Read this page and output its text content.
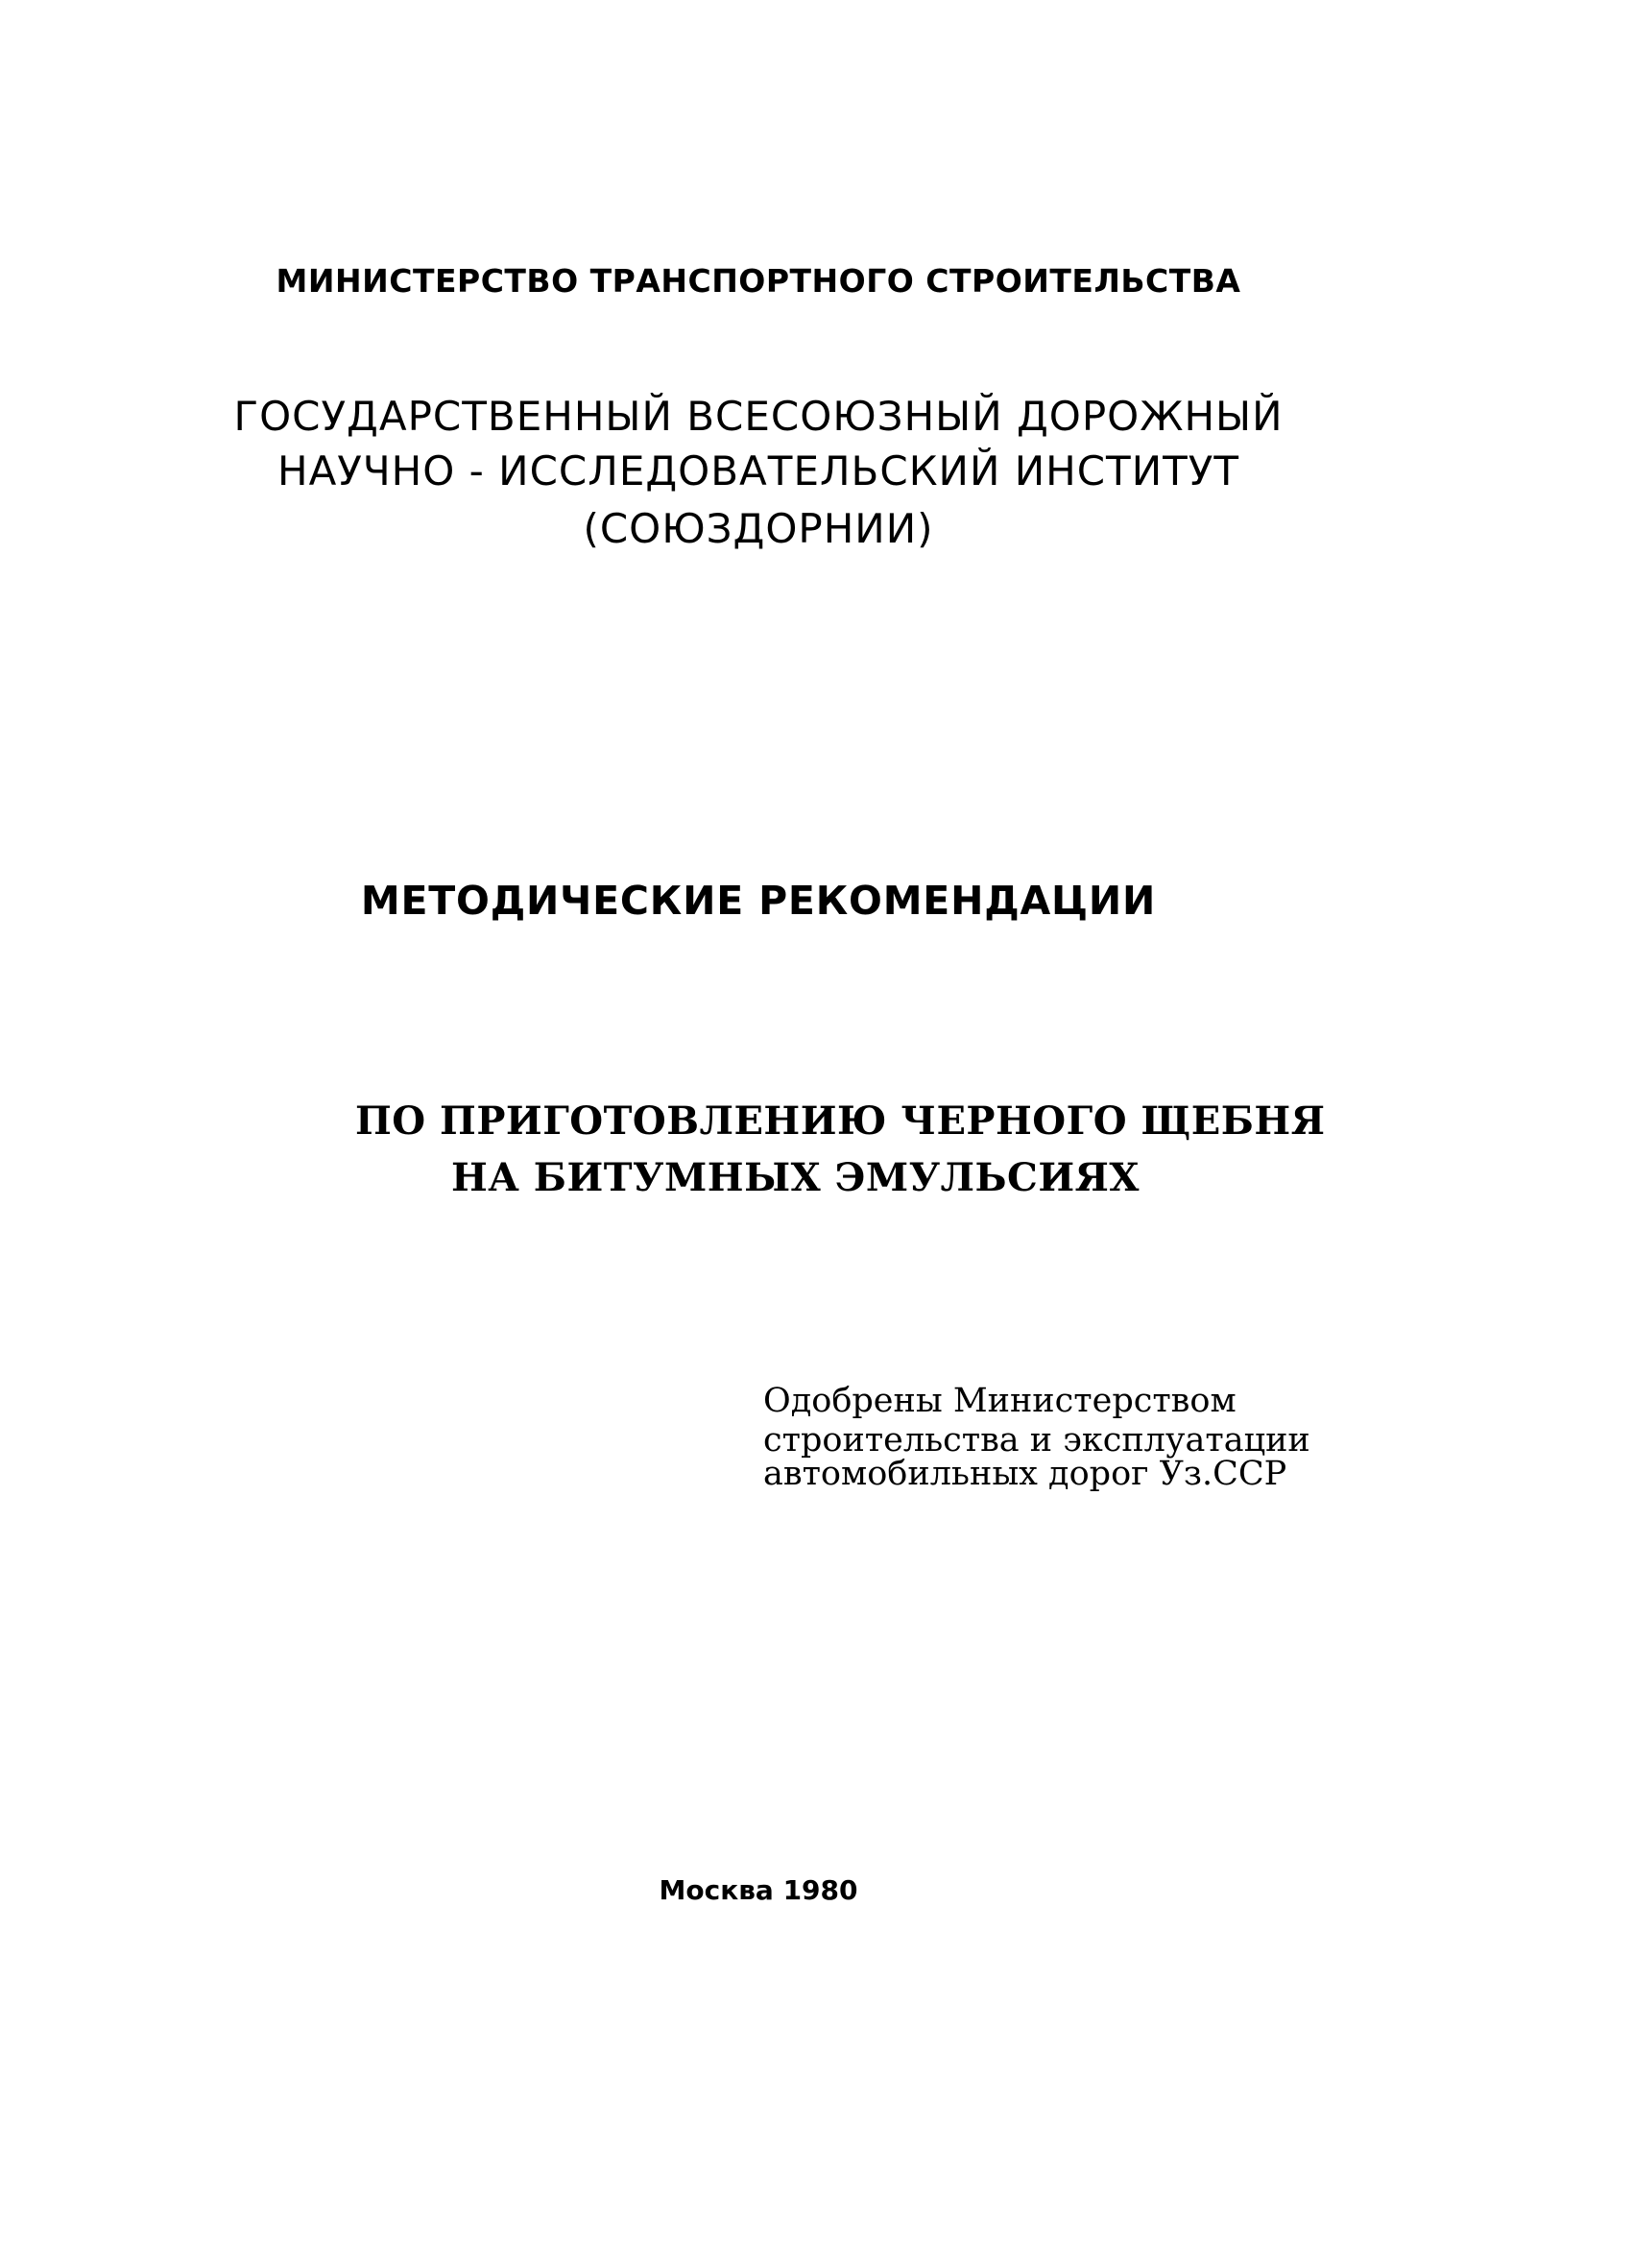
МИНИСТЕРСТВО ТРАНСПОРТНОГО СТРОИТЕЛЬСТВА
ГОСУДАРСТВЕННЫЙ ВСЕСОЮЗНЫЙ ДОРОЖНЫЙ
НАУЧНО - ИССЛЕДОВАТЕЛЬСКИЙ ИНСТИТУТ
(СОЮЗДОРНИИ)
МЕТОДИЧЕСКИЕ РЕКОМЕНДАЦИИ
ПО ПРИГОТОВЛЕНИЮ ЧЕРНОГО ЩЕБНЯ
НА БИТУМНЫХ ЭМУЛЬСИЯХ
Одобрены Министерством
строительства и эксплуатации
автомобильных дорог Уз.ССР
Москва 1980
